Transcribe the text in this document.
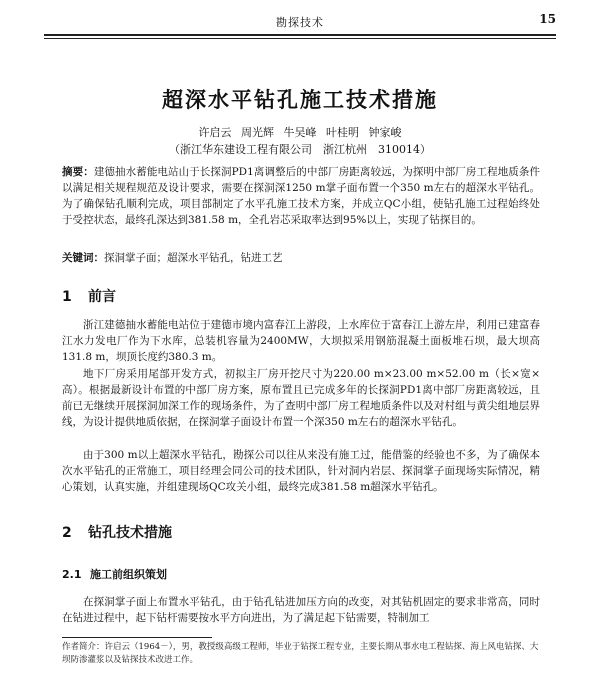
勘探技术	15
超深水平钻孔施工技术措施
许启云 周光辉 牛吴峰 叶桂明 钟家峻
（浙江华东建设工程有限公司　浙江杭州　310014）

摘要：建德抽水蓄能电站山于长探洞PD1离调整后的中部厂房距离较远，为探明中部厂房工程地质条件以满足相关规程规范及设计要求，需要在探洞深1250 m掌子面布置一个350 m左右的超深水平钻孔。为了确保钻孔顺利完成，项目部制定了水平孔施工技术方案，并成立QC小组，使钻孔施工过程始终处于受控状态，最终孔深达到381.58 m，全孔岩芯采取率达到95%以上，实现了钻探目的。

关键词：探洞掌子面；超深水平钻孔，钻进工艺

1 前言

浙江建德抽水蓄能电站位于建德市境内富春江上游段，上水库位于富春江上游左岸，利用已建富春江水力发电厂作为下水库，总装机容量为2400MW，大坝拟采用钢筋混凝土面板堆石坝，最大坝高131.8 m，坝顶长度约380.3 m。

地下厂房采用尾部开发方式，初拟主厂房开挖尺寸为220.00 m×23.00 m×52.00 m（长×宽×高）。根据最新设计布置的中部厂房方案，原布置且已完成多年的长探洞PD1离中部厂房距离较远，且前已无继续开展探洞加深工作的现场条件，为了查明中部厂房工程地质条件以及对村组与黄尖组地层界线，为设计提供地质依据，在探洞掌子面设计布置一个深350 m左右的超深水平钻孔。

由于300 m以上超深水平钻孔，勘探公司以往从来没有施工过，能借鉴的经验也不多，为了确保本次水平钻孔的正常施工，项目经理会同公司的技术团队，针对洞内岩层、探洞掌子面现场实际情况，精心策划，认真实施，并组建现场QC攻关小组，最终完成381.58 m超深水平钻孔。

2 钻孔技术措施
2.1 施工前组织策划

在探洞掌子面上布置水平钻孔，由于钻孔钻进加压方向的改变，对其钻机固定的要求非常高，同时在钻进过程中，起下钻杆需要按水平方向进出，为了满足起下钻需要，特制加工

作者简介：许启云（1964－），男，教授级高级工程师，毕业于钻探工程专业，主要长期从事水电工程钻探、海上风电钻探、大坝防渗灌浆以及钻探技术改进工作。
